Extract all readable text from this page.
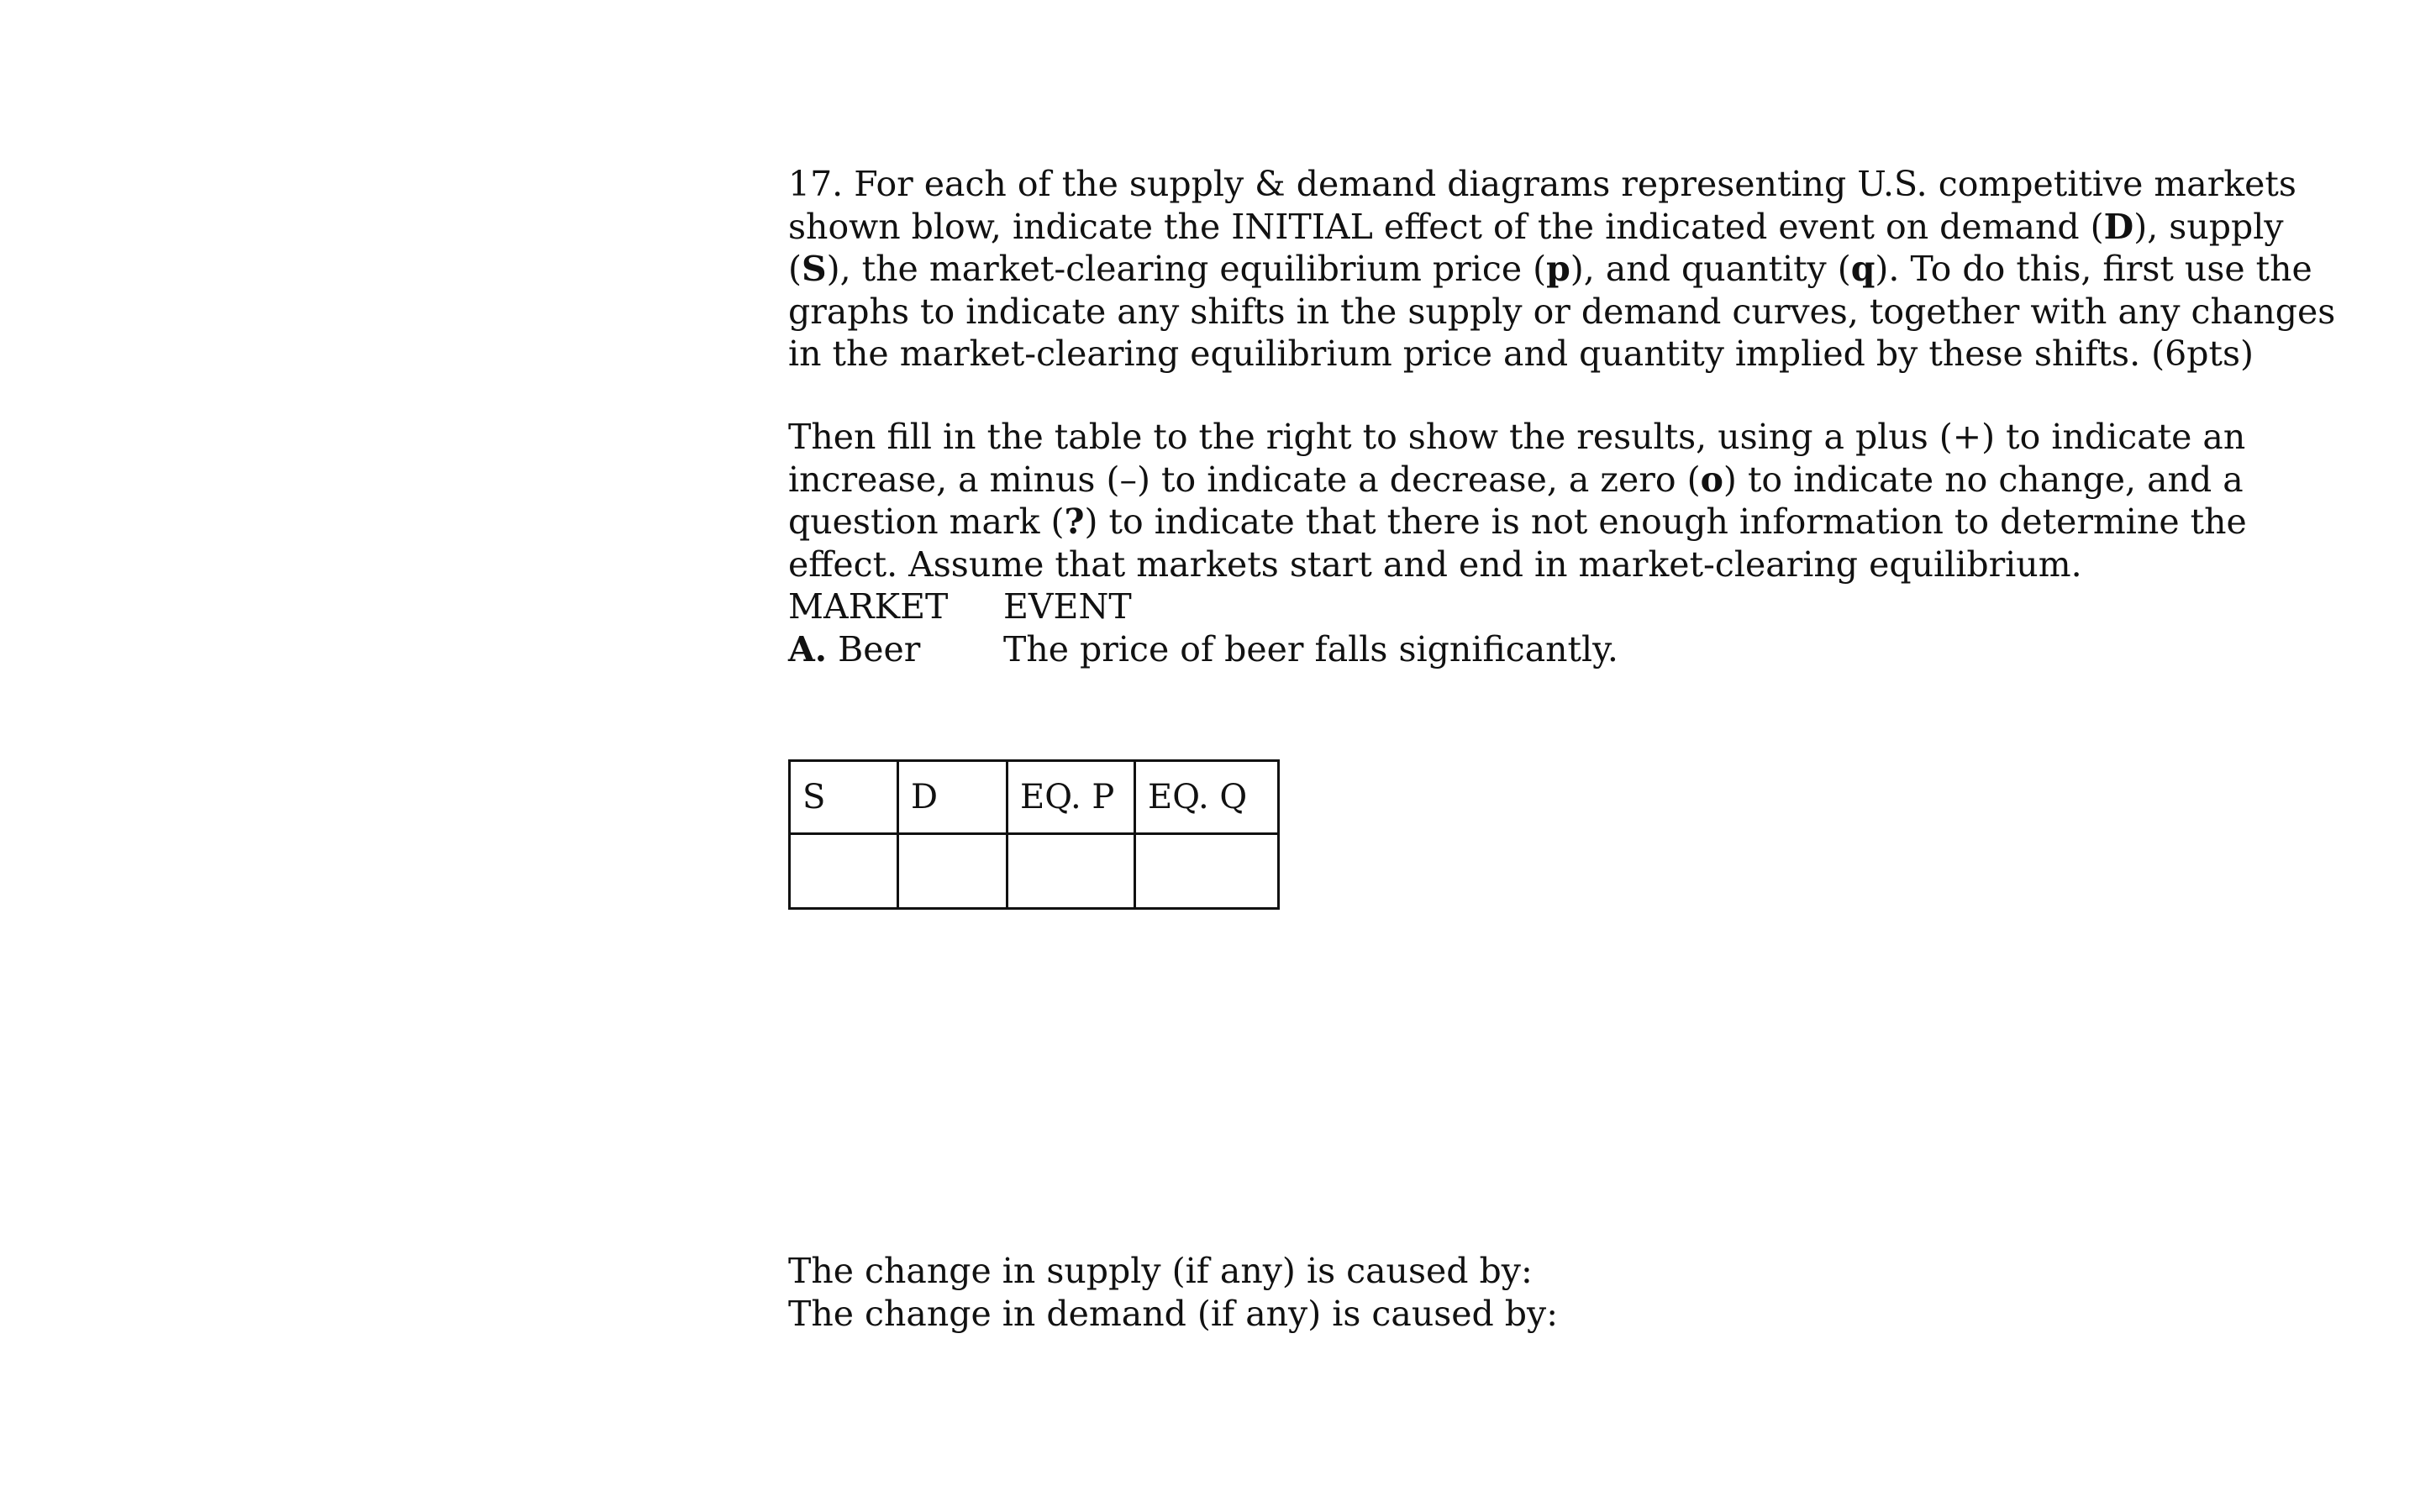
17. For each of the supply & demand diagrams representing U.S. competitive markets
shown blow, indicate the INITIAL effect of the indicated event on demand (D), supply
(S), the market-clearing equilibrium price (p), and quantity (q). To do this, first use the
graphs to indicate any shifts in the supply or demand curves, together with any changes
in the market-clearing equilibrium price and quantity implied by these shifts. (6pts)
Then fill in the table to the right to show the results, using a plus (+) to indicate an
increase, a minus (–) to indicate a decrease, a zero (o) to indicate no change, and a
question mark (?) to indicate that there is not enough information to determine the
effect. Assume that markets start and end in market-clearing equilibrium.
MARKET EVENT
A. Beer The price of beer falls significantly.
S	D	EQ. P	EQ. Q

The change in supply (if any) is caused by:
The change in demand (if any) is caused by:
